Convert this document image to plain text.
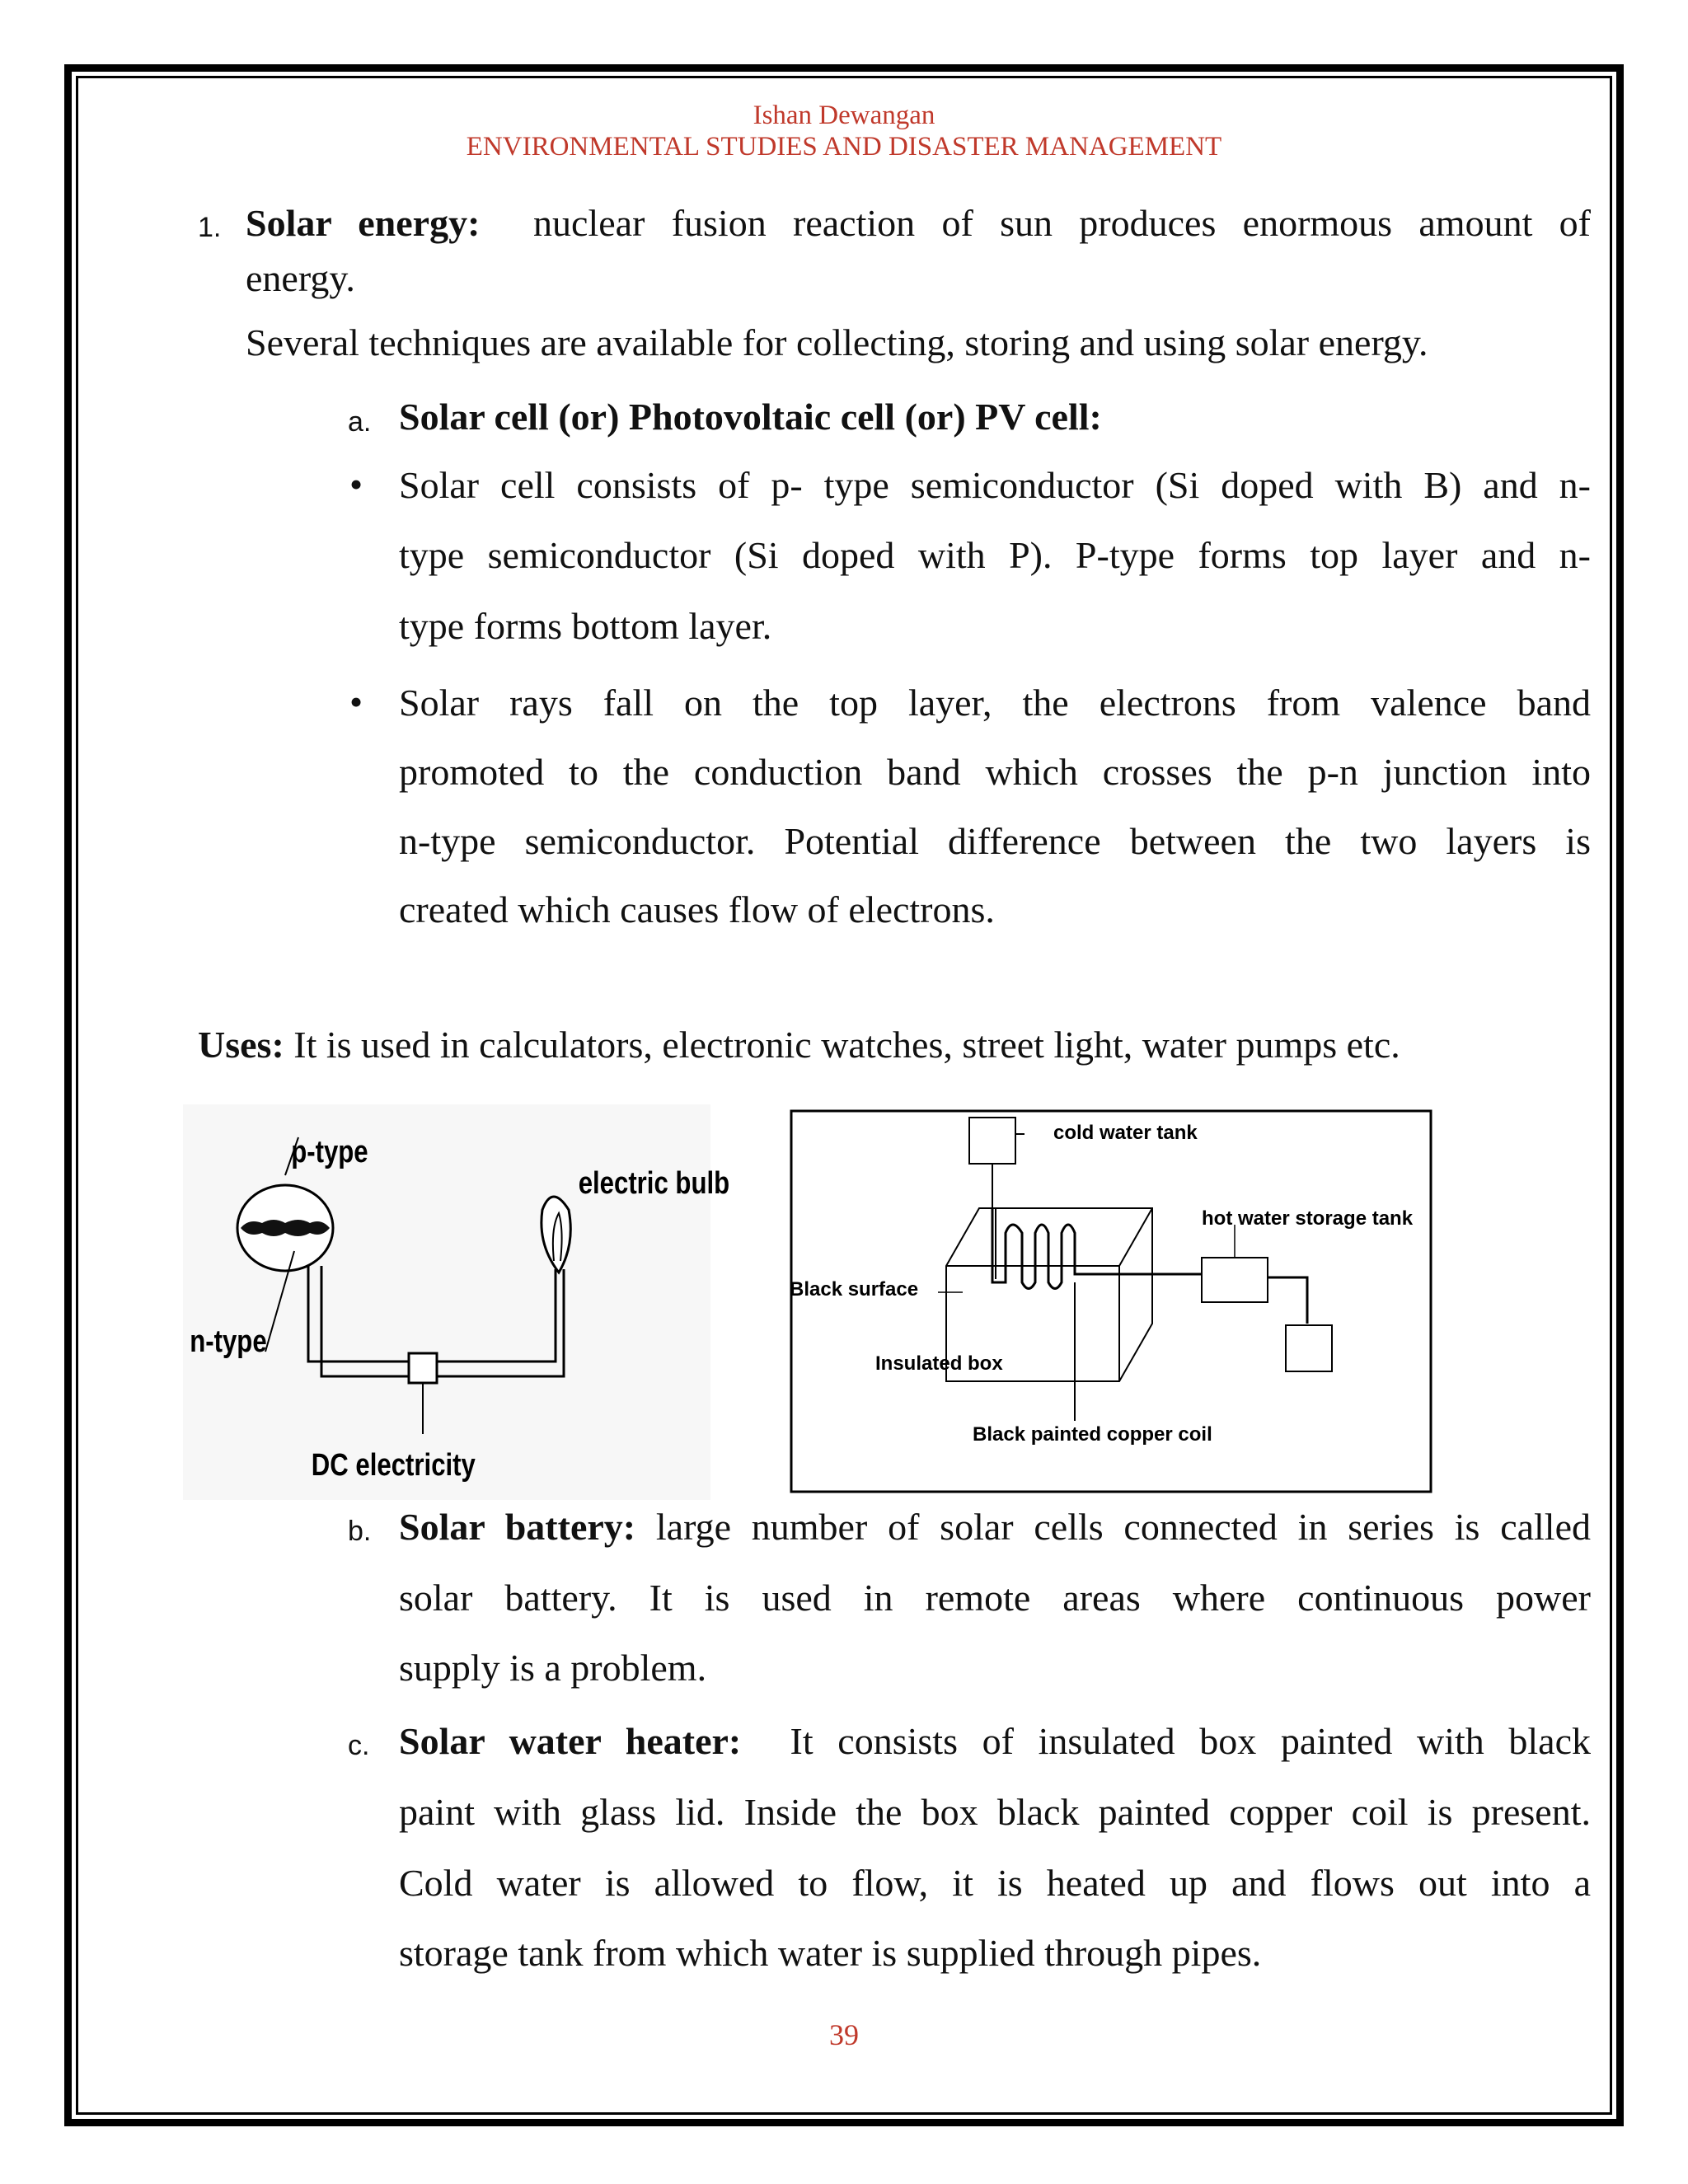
Ishan Dewangan
ENVIRONMENTAL STUDIES AND DISASTER MANAGEMENT
1. Solar energy: nuclear fusion reaction of sun produces enormous amount of
energy.
Several techniques are available for collecting, storing and using solar energy.
a. Solar cell (or) Photovoltaic cell (or) PV cell:
• Solar cell consists of p- type semiconductor (Si doped with B) and n-
type semiconductor (Si doped with P). P-type forms top layer and n-
type forms bottom layer.
• Solar rays fall on the top layer, the electrons from valence band
promoted to the conduction band which crosses the p-n junction into
n-type semiconductor. Potential difference between the two layers is
created which causes flow of electrons.
Uses: It is used in calculators, electronic watches, street light, water pumps etc.
p-type
electric bulb
n-type
DC electricity
cold water tank
hot water storage tank
Black surface
Insulated box
Black painted copper coil
b. Solar battery: large number of solar cells connected in series is called
solar battery. It is used in remote areas where continuous power
supply is a problem.
c. Solar water heater: It consists of insulated box painted with black
paint with glass lid. Inside the box black painted copper coil is present.
Cold water is allowed to flow, it is heated up and flows out into a
storage tank from which water is supplied through pipes.
39
